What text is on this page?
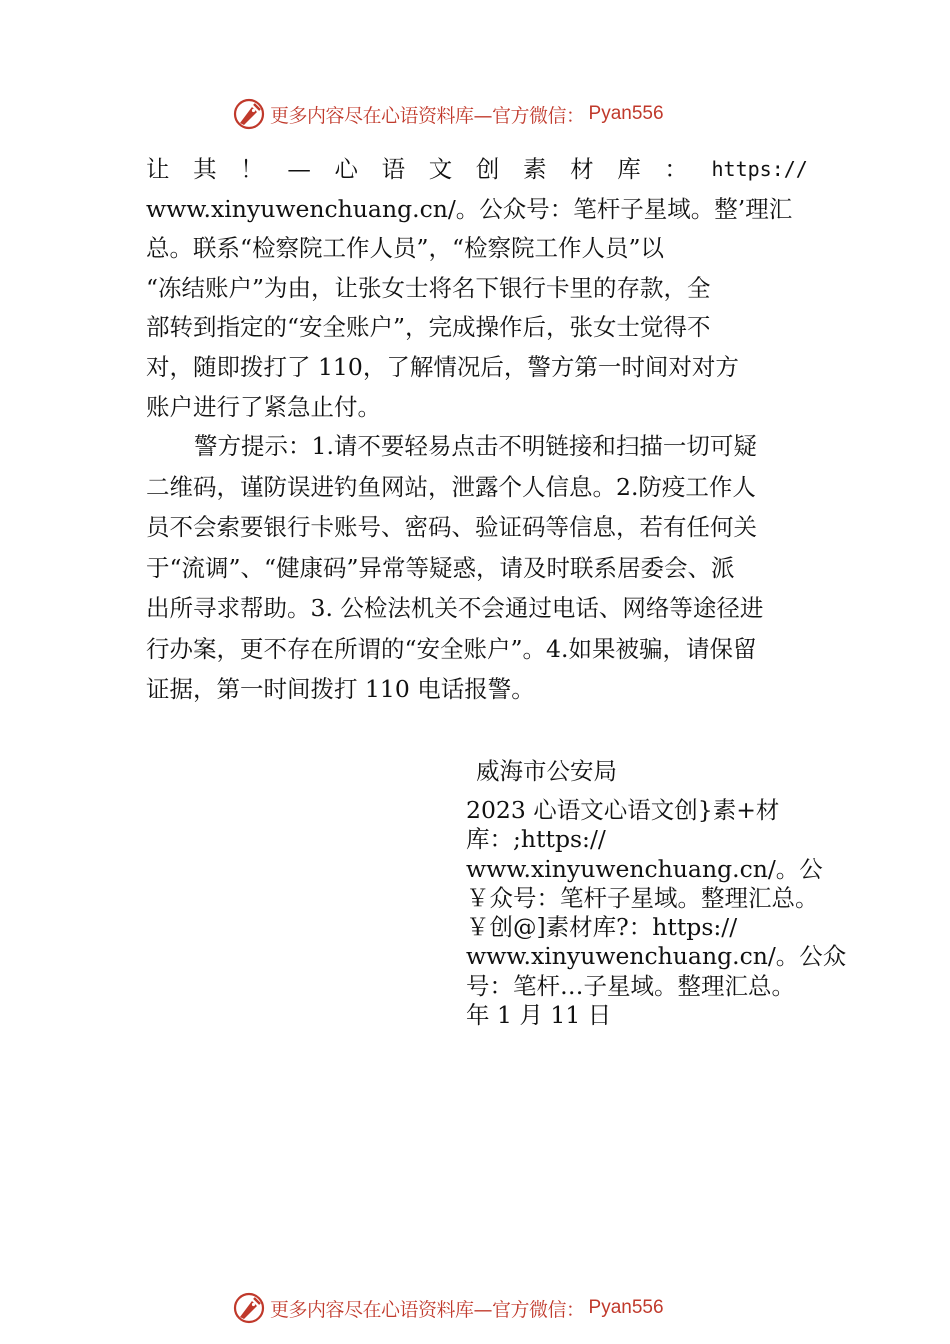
更多内容尽在心语资料库—官方微信： Pyan556
让 其 ！ — 心 语 文 创 素 材 库 ： https://
www.xinyuwenchuang.cn/。公众号：笔杆子星域。整’理汇
总。联系“检察院工作人员”，“检察院工作人员”以
“冻结账户”为由，让张女士将名下银行卡里的存款，全
部转到指定的“安全账户”，完成操作后，张女士觉得不
对，随即拨打了 110，了解情况后，警方第一时间对对方
账户进行了紧急止付。
警方提示：1.请不要轻易点击不明链接和扫描一切可疑
二维码，谨防误进钓鱼网站，泄露个人信息。2.防疫工作人
员不会索要银行卡账号、密码、验证码等信息，若有任何关
于“流调”、“健康码”异常等疑惑，请及时联系居委会、派
出所寻求帮助。3. 公检法机关不会通过电话、网络等途径进
行办案，更不存在所谓的“安全账户”。4.如果被骗，请保留
证据，第一时间拨打 110 电话报警。
威海市公安局
2023 心语文心语文创}素+材
库：;https://
www.xinyuwenchuang.cn/。公
￥众号：笔杆子星域。整理汇总。
￥创@]素材库?：https://
www.xinyuwenchuang.cn/。公众
号：笔杆…子星域。整理汇总。
年 1 月 11 日
更多内容尽在心语资料库—官方微信： Pyan556
